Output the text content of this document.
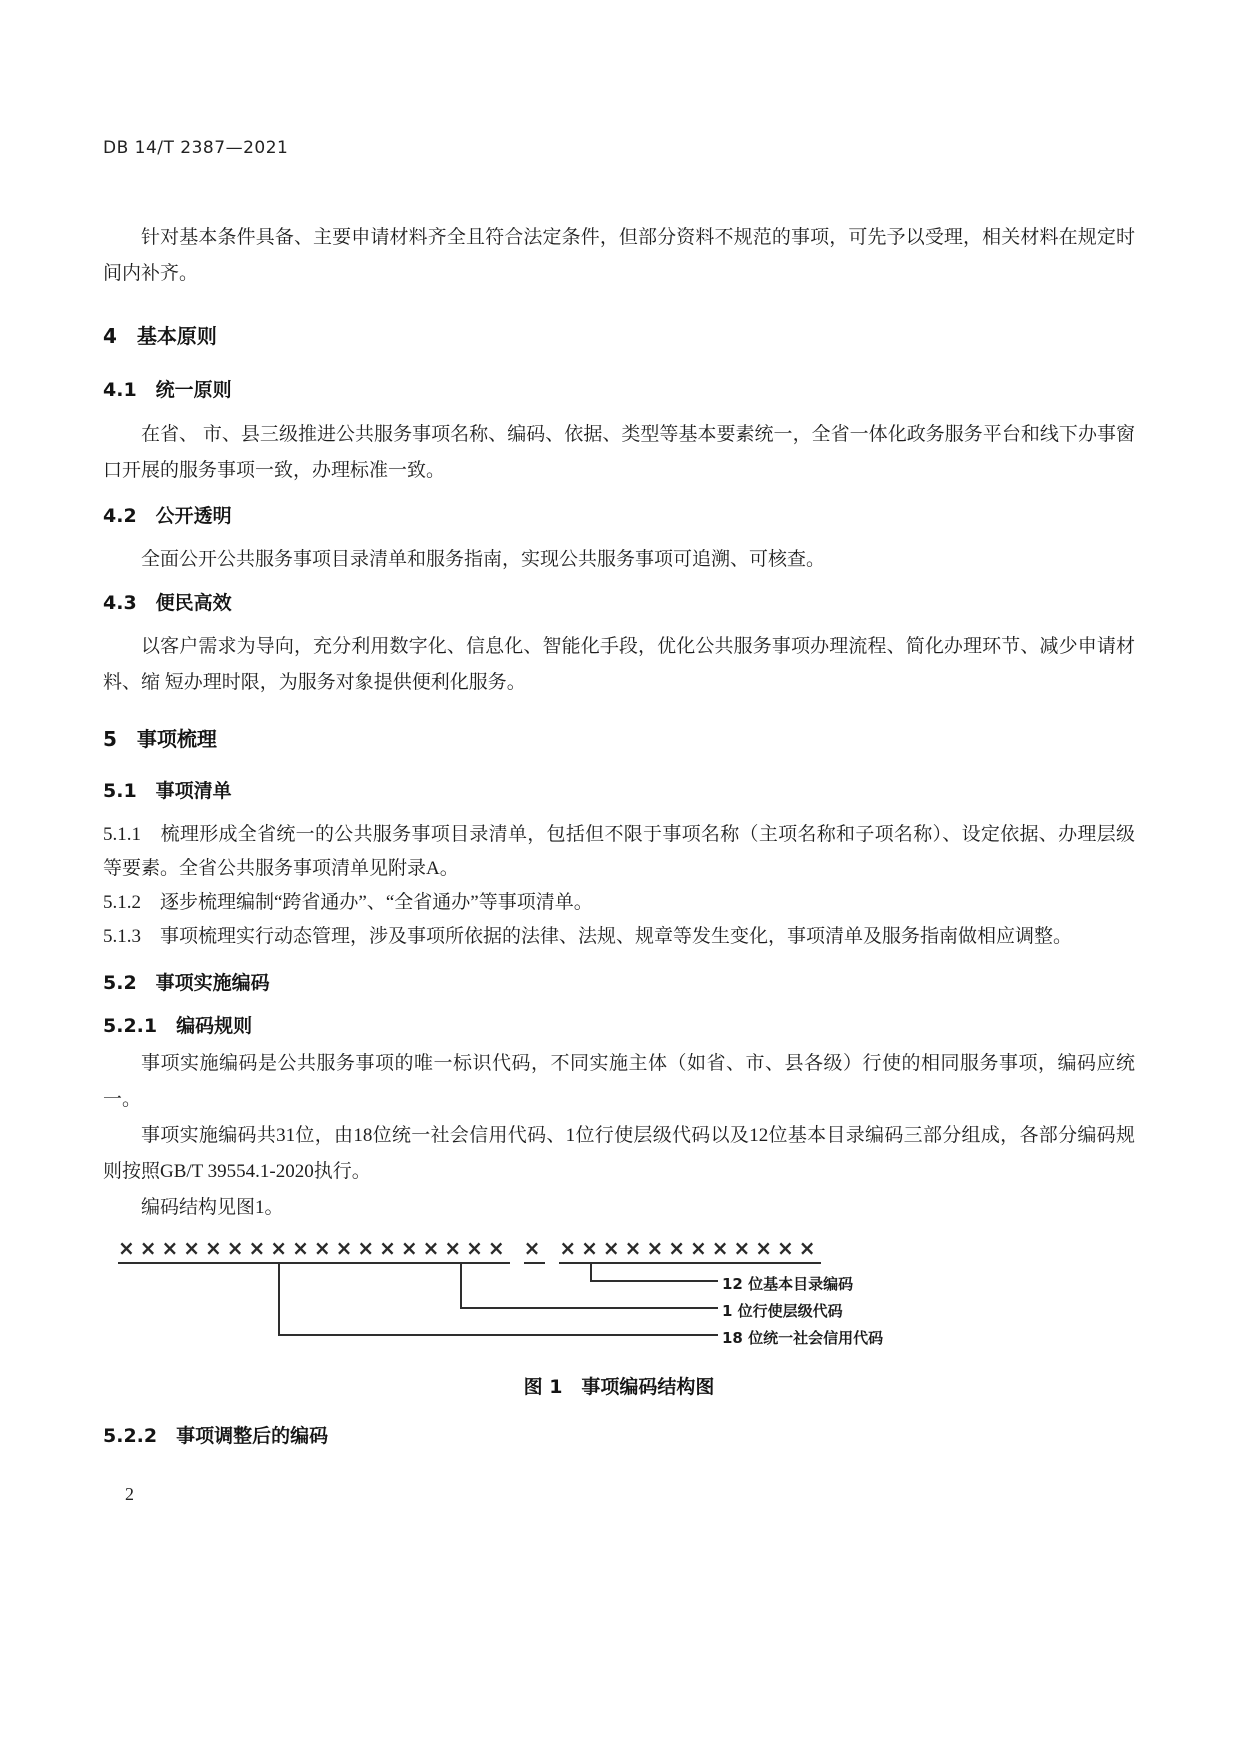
DB 14/T 2387—2021

针对基本条件具备、主要申请材料齐全且符合法定条件，但部分资料不规范的事项，可先予以受理，相关材料在规定时间内补齐。

4　基本原则
4.1　统一原则

在省、 市、县三级推进公共服务事项名称、编码、依据、类型等基本要素统一，全省一体化政务服务平台和线下办事窗口开展的服务事项一致，办理标准一致。

4.2　公开透明

全面公开公共服务事项目录清单和服务指南，实现公共服务事项可追溯、可核查。

4.3　便民高效

以客户需求为导向，充分利用数字化、信息化、智能化手段，优化公共服务事项办理流程、简化办理环节、减少申请材料、缩 短办理时限，为服务对象提供便利化服务。

5　事项梳理
5.1　事项清单

5.1.1　梳理形成全省统一的公共服务事项目录清单，包括但不限于事项名称（主项名称和子项名称）、设定依据、办理层级等要素。全省公共服务事项清单见附录A。

5.1.2　逐步梳理编制“跨省通办”、“全省通办”等事项清单。

5.1.3　事项梳理实行动态管理，涉及事项所依据的法律、法规、规章等发生变化，事项清单及服务指南做相应调整。

5.2　事项实施编码
5.2.1　编码规则

事项实施编码是公共服务事项的唯一标识代码，不同实施主体（如省、市、县各级）行使的相同服务事项，编码应统一。

事项实施编码共31位，由18位统一社会信用代码、1位行使层级代码以及12位基本目录编码三部分组成，各部分编码规则按照GB/T 39554.1-2020执行。

编码结构见图1。

×××××××××××××××××× × ××××××××××××
12 位基本目录编码
1 位行使层级代码
18 位统一社会信用代码
图 1　事项编码结构图
5.2.2　事项调整后的编码
2
